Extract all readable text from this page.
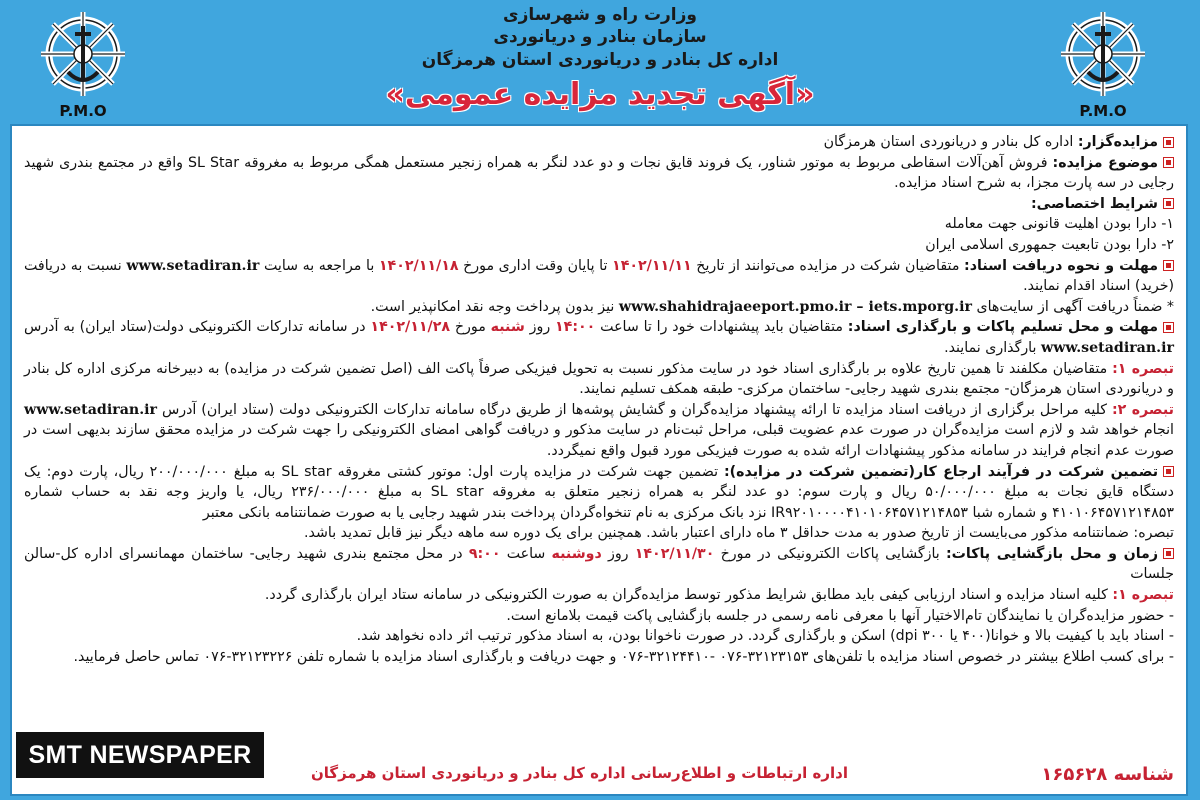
P.M.O
وزارت راه و شهرسازی
سازمان بنادر و دریانوردی
اداره کل بنادر و دریانوردی استان هرمزگان
«آگهی تجدید مزایده عمومی»	P.M.O

مزایده‌گزار: اداره کل بنادر و دریانوردی استان هرمزگان

موضوع مزایده: فروش آهن‌آلات اسقاطی مربوط به موتور شناور، یک فروند قایق نجات و دو عدد لنگر به همراه زنجیر مستعمل همگی مربوط به مغروقه SL Star واقع در مجتمع بندری شهید رجایی در سه پارت مجزا، به شرح اسناد مزایده.

شرایط اختصاصی:

۱- دارا بودن اهلیت قانونی جهت معامله

۲- دارا بودن تابعیت جمهوری اسلامی ایران

مهلت و نحوه دریافت اسناد: متقاضیان شرکت در مزایده می‌توانند از تاریخ ۱۴۰۲/۱۱/۱۱ تا پایان وقت اداری مورخ ۱۴۰۲/۱۱/۱۸ با مراجعه به سایت www.setadiran.ir نسبت به دریافت (خرید) اسناد اقدام نمایند.

* ضمناً دریافت آگهی از سایت‌های www.shahidrajaeeport.pmo.ir – iets.mporg.ir نیز بدون پرداخت وجه نقد امکانپذیر است.

مهلت و محل تسلیم پاکات و بارگذاری اسناد: متقاضیان باید پیشنهادات خود را تا ساعت ۱۴:۰۰ روز شنبه مورخ ۱۴۰۲/۱۱/۲۸ در سامانه تدارکات الکترونیکی دولت(ستاد ایران) به آدرس www.setadiran.ir بارگذاری نمایند.

تبصره ۱: متقاضیان مکلفند تا همین تاریخ علاوه بر بارگذاری اسناد خود در سایت مذکور نسبت به تحویل فیزیکی صرفاً پاکت الف (اصل تضمین شرکت در مزایده) به دبیرخانه مرکزی اداره کل بنادر و دریانوردی استان هرمزگان- مجتمع بندری شهید رجایی- ساختمان مرکزی- طبقه همکف تسلیم نمایند.

تبصره ۲: کلیه مراحل برگزاری از دریافت اسناد مزایده تا ارائه پیشنهاد مزایده‌گران و گشایش پوشه‌ها از طریق درگاه سامانه تدارکات الکترونیکی دولت (ستاد ایران) آدرس www.setadiran.ir انجام خواهد شد و لازم است مزایده‌گران در صورت عدم عضویت قبلی، مراحل ثبت‌نام در سایت مذکور و دریافت گواهی امضای الکترونیکی را جهت شرکت در مزایده محقق سازند بدیهی است در صورت عدم انجام فرایند در سامانه مذکور پیشنهادات ارائه شده به صورت فیزیکی مورد قبول واقع نمیگردد.

تضمین شرکت در فرآیند ارجاع کار(تضمین شرکت در مزایده): تضمین جهت شرکت در مزایده پارت اول: موتور کشتی مغروقه SL star به مبلغ ۲۰۰/۰۰۰/۰۰۰ ریال، پارت دوم: یک دستگاه قایق نجات به مبلغ ۵۰/۰۰۰/۰۰۰ ریال و پارت سوم: دو عدد لنگر به همراه زنجیر متعلق به مغروقه SL star به مبلغ ۲۳۶/۰۰۰/۰۰۰ ریال، یا واریز وجه نقد به حساب شماره ۴۱۰۱۰۶۴۵۷۱۲۱۴۸۵۳ و شماره شبا IR۹۲۰۱۰۰۰۰۴۱۰۱۰۶۴۵۷۱۲۱۴۸۵۳ نزد بانک مرکزی به نام تنخواه‌گردان پرداخت بندر شهید رجایی یا به صورت ضمانتنامه بانکی معتبر

تبصره: ضمانتنامه مذکور می‌بایست از تاریخ صدور به مدت حداقل ۳ ماه دارای اعتبار باشد. همچنین برای یک دوره سه ماهه دیگر نیز قابل تمدید باشد.

زمان و محل بازگشایی پاکات: بازگشایی پاکات الکترونیکی در مورخ ۱۴۰۲/۱۱/۳۰ روز دوشنبه ساعت ۹:۰۰ در محل مجتمع بندری شهید رجایی- ساختمان مهمانسرای اداره کل-سالن جلسات

تبصره ۱: کلیه اسناد مزایده و اسناد ارزیابی کیفی باید مطابق شرایط مذکور توسط مزایده‌گران به صورت الکترونیکی در سامانه ستاد ایران بارگذاری گردد.

- حضور مزایده‌گران یا نمایندگان تام‌الاختیار آنها با معرفی نامه رسمی در جلسه بازگشایی پاکت قیمت بلامانع است.

- اسناد باید با کیفیت بالا و خوانا(۴۰۰ یا dpi ۳۰۰) اسکن و بارگذاری گردد. در صورت ناخوانا بودن، به اسناد مذکور ترتیب اثر داده نخواهد شد.

- برای کسب اطلاع بیشتر در خصوص اسناد مزایده با تلفن‌های ۳۲۱۲۳۱۵۳-۰۷۶ -۳۲۱۲۴۴۱۰-۰۷۶ و جهت دریافت و بارگذاری اسناد مزایده با شماره تلفن ۳۲۱۲۳۲۲۶-۰۷۶ تماس حاصل فرمایید.

شناسه ۱۶۵۶۲۸
اداره ارتباطات و اطلاع‌رسانی اداره کل بنادر و دریانوردی استان هرمزگان
SMT NEWSPAPER
